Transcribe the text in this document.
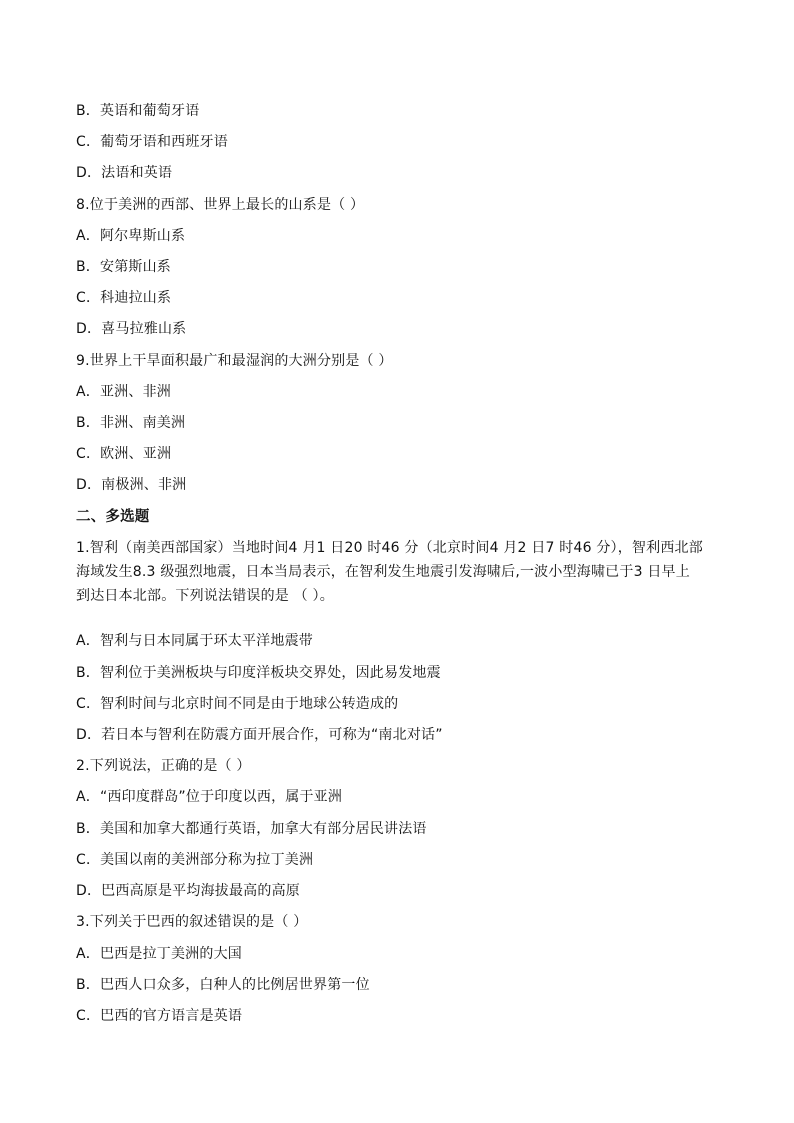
B．英语和葡萄牙语
C．葡萄牙语和西班牙语
D．法语和英语
8.位于美洲的西部、世界上最长的山系是（ ）
A．阿尔卑斯山系
B．安第斯山系
C．科迪拉山系
D．喜马拉雅山系
9.世界上干旱面积最广和最湿润的大洲分别是（ ）
A．亚洲、非洲
B．非洲、南美洲
C．欧洲、亚洲
D．南极洲、非洲
二、多选题
1.智利（南美西部国家）当地时间4 月1 日20 时46 分（北京时间4 月2 日7 时46 分），智利西北部
海域发生8.3 级强烈地震，日本当局表示，在智利发生地震引发海啸后,一波小型海啸已于3 日早上
到达日本北部。下列说法错误的是 （ ）。
A．智利与日本同属于环太平洋地震带
B．智利位于美洲板块与印度洋板块交界处，因此易发地震
C．智利时间与北京时间不同是由于地球公转造成的
D．若日本与智利在防震方面开展合作，可称为“南北对话”
2.下列说法，正确的是（ ）
A．“西印度群岛”位于印度以西，属于亚洲
B．美国和加拿大都通行英语，加拿大有部分居民讲法语
C．美国以南的美洲部分称为拉丁美洲
D．巴西高原是平均海拔最高的高原
3.下列关于巴西的叙述错误的是（ ）
A．巴西是拉丁美洲的大国
B．巴西人口众多，白种人的比例居世界第一位
C．巴西的官方语言是英语
